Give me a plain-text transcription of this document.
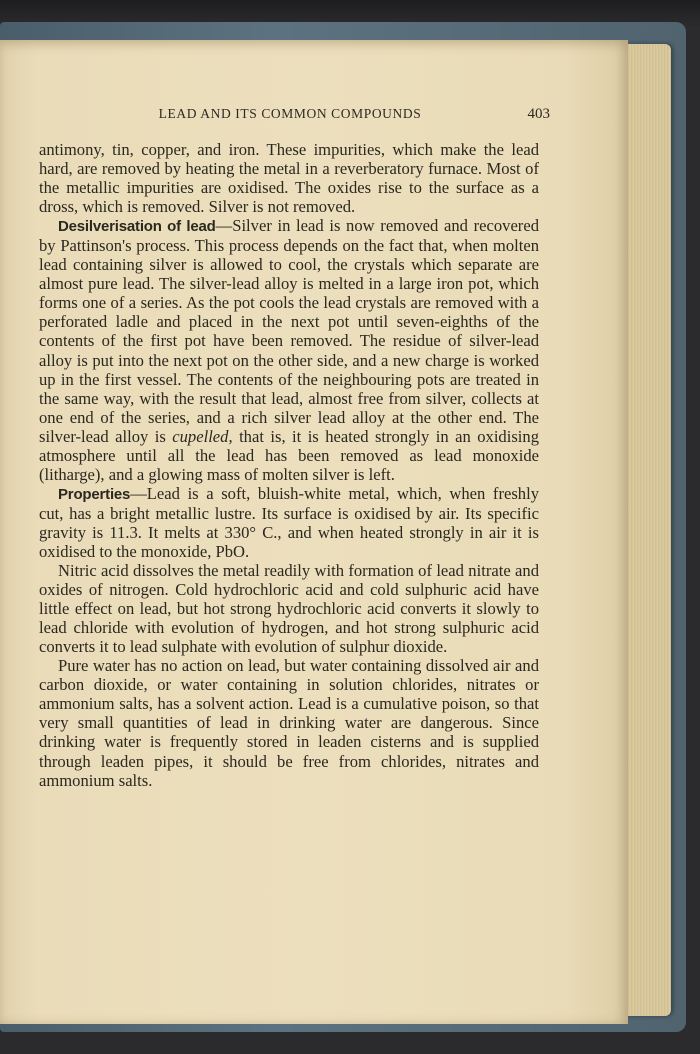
LEAD AND ITS COMMON COMPOUNDS	403

antimony, tin, copper, and iron. These impurities, which make the lead hard, are removed by heating the metal in a reverberatory furnace. Most of the metallic impurities are oxidised. The oxides rise to the surface as a dross, which is removed. Silver is not removed.

Desilverisation of lead—Silver in lead is now removed and recovered by Pattinson's process. This process depends on the fact that, when molten lead containing silver is allowed to cool, the crystals which separate are almost pure lead. The silver-lead alloy is melted in a large iron pot, which forms one of a series. As the pot cools the lead crystals are removed with a perforated ladle and placed in the next pot until seven-eighths of the contents of the first pot have been removed. The residue of silver-lead alloy is put into the next pot on the other side, and a new charge is worked up in the first vessel. The contents of the neighbouring pots are treated in the same way, with the result that lead, almost free from silver, collects at one end of the series, and a rich silver lead alloy at the other end. The silver-lead alloy is cupelled, that is, it is heated strongly in an oxidising atmosphere until all the lead has been removed as lead monoxide (litharge), and a glowing mass of molten silver is left.

Properties—Lead is a soft, bluish-white metal, which, when freshly cut, has a bright metallic lustre. Its surface is oxidised by air. Its specific gravity is 11.3. It melts at 330° C., and when heated strongly in air it is oxidised to the monoxide, PbO.

Nitric acid dissolves the metal readily with formation of lead nitrate and oxides of nitrogen. Cold hydrochloric acid and cold sulphuric acid have little effect on lead, but hot strong hydrochloric acid converts it slowly to lead chloride with evolution of hydrogen, and hot strong sulphuric acid converts it to lead sulphate with evolution of sulphur dioxide.

Pure water has no action on lead, but water containing dissolved air and carbon dioxide, or water containing in solution chlorides, nitrates or ammonium salts, has a solvent action. Lead is a cumulative poison, so that very small quantities of lead in drinking water are dangerous. Since drinking water is frequently stored in leaden cisterns and is supplied through leaden pipes, it should be free from chlorides, nitrates and ammonium salts.
